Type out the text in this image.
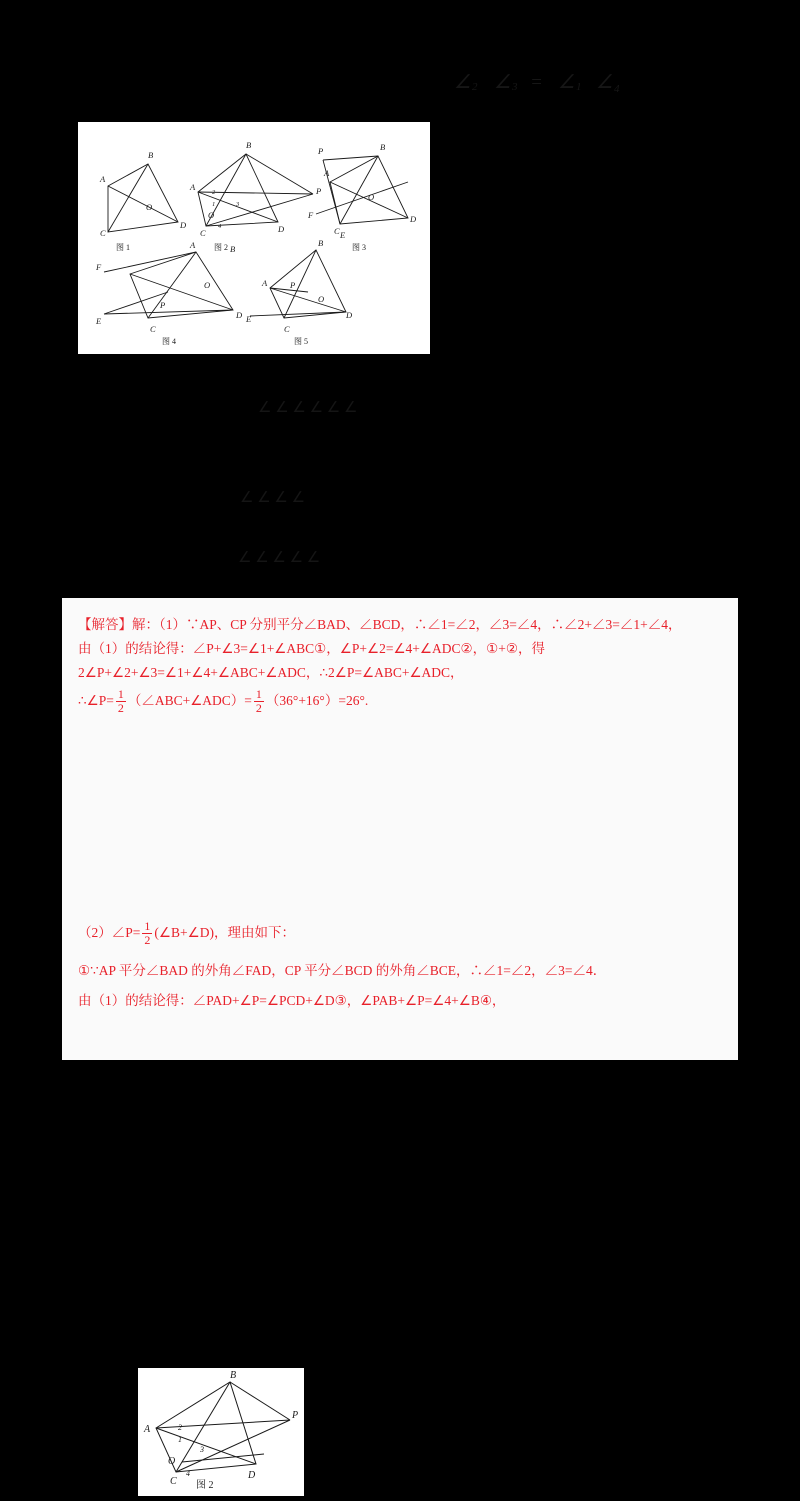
∠ 2 ∠ 3 = ∠ 1 ∠ 4
A
B
C
D
O
A
B
C	D
P
O
2
1	3
4
A
B
C
D
P
F
E
O
A	B
C
D
F
E
P
O	A
B
C
D
E
P
O
图 1	图 2	图 3
图 4	图 5
∠ ∠ ∠ ∠ ∠ ∠
∠ ∠ ∠ ∠
∠ ∠ ∠ ∠ ∠

【解答】解：（1）∵AP、CP 分别平分∠BAD、∠BCD，∴∠1=∠2，∠3=∠4，∴∠2+∠3=∠1+∠4，

由（1）的结论得：∠P+∠3=∠1+∠ABC①，∠P+∠2=∠4+∠ADC②，①+②，得

2∠P+∠2+∠3=∠1+∠4+∠ABC+∠ADC，∴2∠P=∠ABC+∠ADC，

∴∠P= $\frac{1}{2}$ （∠ABC+∠ADC）= $\frac{1}{2} (36^\circ+16^\circ)=26^\circ$.

A
B
P
C
D
O
2
1
3
4
图 2

（2）∠P= $\frac{1}{2}$ (∠B+∠D)，理由如下：

①∵AP 平分∠BAD 的外角∠FAD，CP 平分∠BCD 的外角∠BCE，∴∠1=∠2，∠3=∠4．

由（1）的结论得：∠PAD+∠P=∠PCD+∠D③，∠PAB+∠P=∠4+∠B④，
